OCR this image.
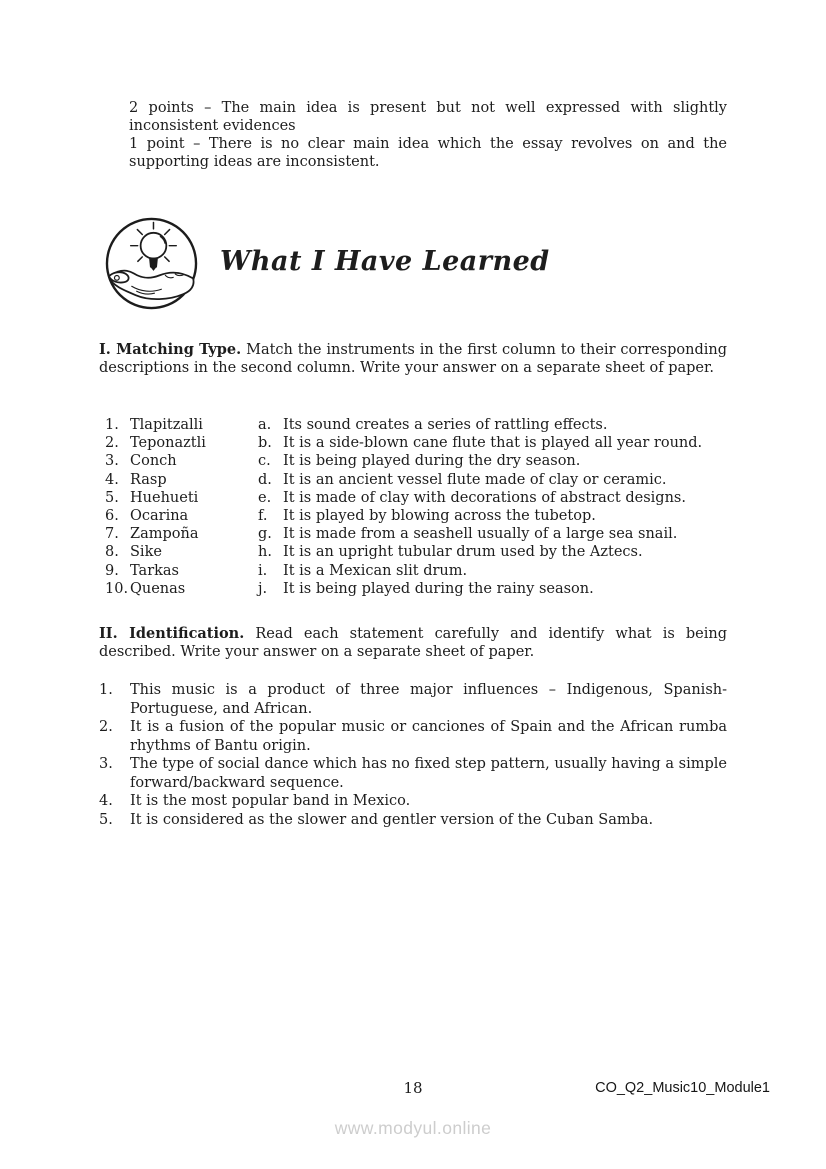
2 points – The main idea is present but not well expressed with slightly inconsistent evidences

1 point – There is no clear main idea which the essay revolves on and the supporting ideas are inconsistent.

What I Have Learned

I. Matching Type. Match the instruments in the first column to their corresponding descriptions in the second column. Write your answer on a separate sheet of paper.

1. Tlapitzalli
2. Teponaztli
3. Conch
4. Rasp
5. Huehueti
6. Ocarina
7. Zampoña
8. Sike
9. Tarkas
10. Quenas
a. Its sound creates a series of rattling effects.
b. It is a side-blown cane flute that is played all year round.
c. It is being played during the dry season.
d. It is an ancient vessel flute made of clay or ceramic.
e. It is made of clay with decorations of abstract designs.
f. It is played by blowing across the tubetop.
g. It is made from a seashell usually of a large sea snail.
h. It is an upright tubular drum used by the Aztecs.
i. It is a Mexican slit drum.
j. It is being played during the rainy season.

II. Identification. Read each statement carefully and identify what is being described. Write your answer on a separate sheet of paper.

1. This music is a product of three major influences – Indigenous, Spanish-Portuguese, and African.
2. It is a fusion of the popular music or canciones of Spain and the African rumba rhythms of Bantu origin.
3. The type of social dance which has no fixed step pattern, usually having a simple forward/backward sequence.
4. It is the most popular band in Mexico.
5. It is considered as the slower and gentler version of the Cuban Samba.
18	CO_Q2_Music10_Module1
www.modyul.online
